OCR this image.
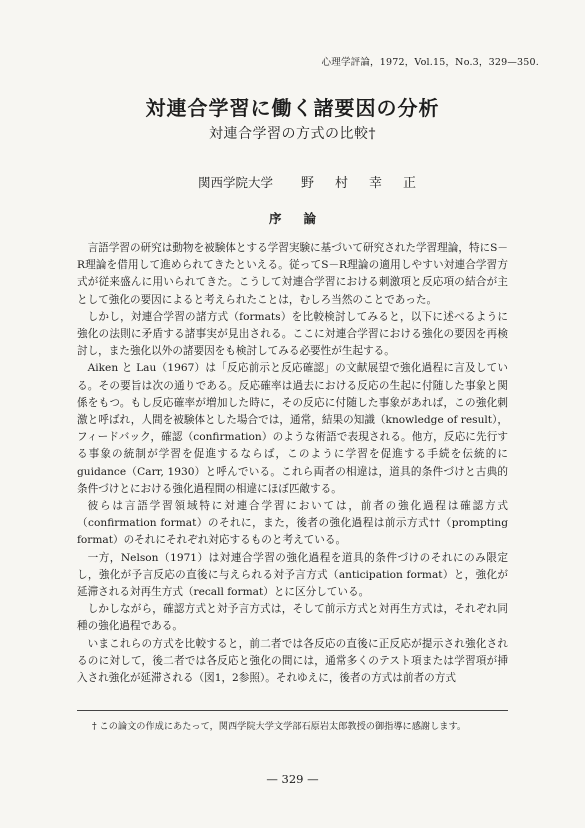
心理学評論，1972，Vol.15，No.3，329—350.
対連合学習に働く諸要因の分析
対連合学習の方式の比較†
関西学院大学 野村幸正
序論

言語学習の研究は動物を被験体とする学習実験に基づいて研究された学習理論，特にS－R理論を借用して進められてきたといえる。従ってS－R理論の適用しやすい対連合学習方式が従来盛んに用いられてきた。こうして対連合学習における刺激項と反応項の結合が主として強化の要因によると考えられたことは，むしろ当然のことであった。

しかし，対連合学習の諸方式（formats）を比較検討してみると，以下に述べるように強化の法則に矛盾する諸事実が見出される。ここに対連合学習における強化の要因を再検討し，また強化以外の諸要因をも検討してみる必要性が生起する。

Aiken と Lau（1967）は「反応前示と反応確認」の文献展望で強化過程に言及している。その要旨は次の通りである。反応確率は過去における反応の生起に付随した事象と関係をもつ。もし反応確率が増加した時に，その反応に付随した事象があれば，この強化刺激と呼ばれ，人間を被験体とした場合では，通常，結果の知識（knowledge of result），フィードバック，確認（confirmation）のような術語で表現される。他方，反応に先行する事象の統制が学習を促進するならば，このように学習を促進する手続を伝統的に guidance（Carr, 1930）と呼んでいる。これら両者の相違は，道具的条件づけと古典的条件づけとにおける強化過程間の相違にほぼ匹敵する。

彼らは言語学習領域特に対連合学習においては，前者の強化過程は確認方式（confirmation format）のそれに，また，後者の強化過程は前示方式††（prompting format）のそれにそれぞれ対応するものと考えている。

一方，Nelson（1971）は対連合学習の強化過程を道具的条件づけのそれにのみ限定し，強化が予言反応の直後に与えられる対予言方式（anticipation format）と，強化が延滞される対再生方式（recall format）とに区分している。

しかしながら，確認方式と対予言方式は，そして前示方式と対再生方式は，それぞれ同種の強化過程である。

いまこれらの方式を比較すると，前二者では各反応の直後に正反応が提示され強化されるのに対して，後二者では各反応と強化の間には，通常多くのテスト項または学習項が挿入され強化が延滞される（図1，2参照）。それゆえに，後者の方式は前者の方式

† この論文の作成にあたって，関西学院大学文学部石原岩太郎教授の御指導に感謝します。
— 329 —
